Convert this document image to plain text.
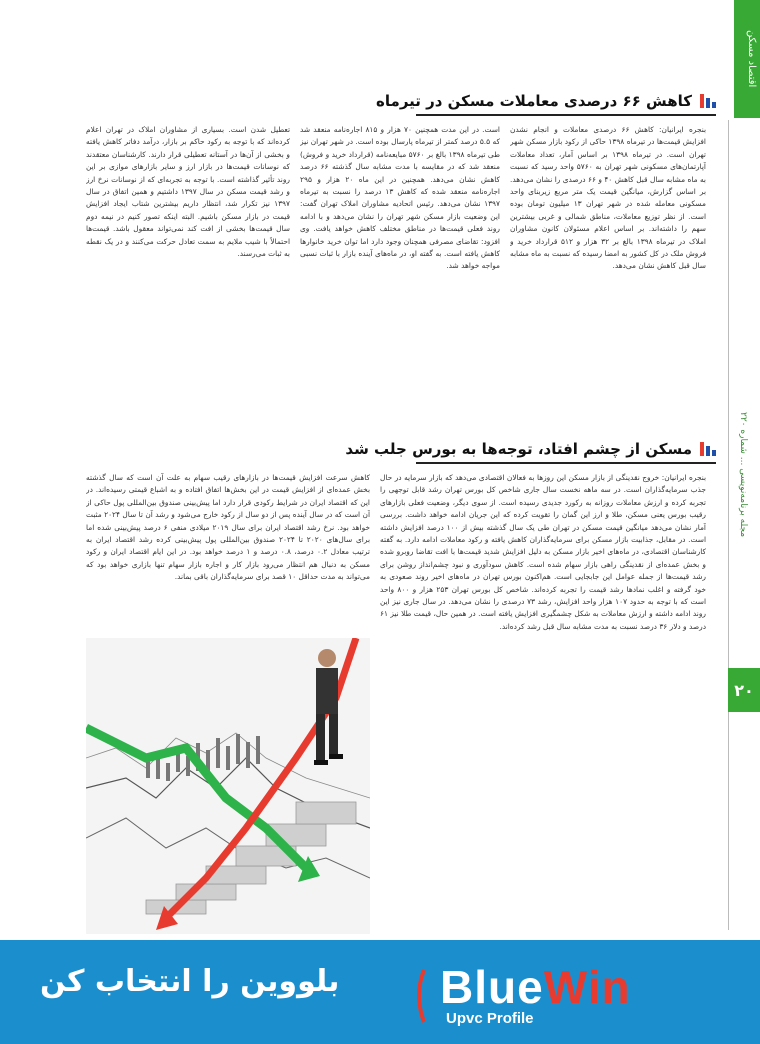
اقتصاد مسکن
مجله برنامه‌نویسی ... شماره ۲۲۰
۲۰
کاهش ۶۶ درصدی معاملات مسکن در تیرماه

بنجره ایرانیان: کاهش ۶۶ درصدی معاملات و انجام نشدن افزایش قیمت‌ها در تیرماه ۱۳۹۸ حاکی از رکود بازار مسکن شهر تهران است. در تیرماه ۱۳۹۸ بر اساس آمار، تعداد معاملات آپارتمان‌های مسکونی شهر تهران به ۵۷۶۰ واحد رسید که نسبت به ماه مشابه سال قبل کاهش ۴۰ و ۶۶ درصدی را نشان می‌دهد. بر اساس گزارش، میانگین قیمت یک متر مربع زیربنای واحد مسکونی معامله شده در شهر تهران ۱۳ میلیون تومان بوده است. از نظر توزیع معاملات، مناطق شمالی و غربی بیشترین سهم را داشته‌اند. بر اساس اعلام مسئولان کانون مشاوران املاک در تیرماه ۱۳۹۸ بالغ بر ۳۲ هزار و ۵۱۲ قرارداد خرید و فروش ملک در کل کشور به امضا رسیده که نسبت به ماه مشابه سال قبل کاهش نشان می‌دهد.

است. در این مدت همچنین ۷۰ هزار و ۸۱۵ اجاره‌نامه منعقد شد که ۵.۵ درصد کمتر از تیرماه پارسال بوده است. در شهر تهران نیز طی تیرماه ۱۳۹۸ بالغ بر ۵۷۶۰ مبایعه‌نامه (قرارداد خرید و فروش) منعقد شد که در مقایسه با مدت مشابه سال گذشته ۶۶ درصد کاهش نشان می‌دهد. همچنین در این ماه ۲۰ هزار و ۲۹۵ اجاره‌نامه منعقد شده که کاهش ۱۳ درصد را نسبت به تیرماه ۱۳۹۷ نشان می‌دهد. رئیس اتحادیه مشاوران املاک تهران گفت: این وضعیت بازار مسکن شهر تهران را نشان می‌دهد و با ادامه روند فعلی قیمت‌ها در مناطق مختلف کاهش خواهد یافت. وی افزود: تقاضای مصرفی همچنان وجود دارد اما توان خرید خانوارها کاهش یافته است. به گفته او، در ماه‌های آینده بازار با ثبات نسبی مواجه خواهد شد.

تعطیل شدن است. بسیاری از مشاوران املاک در تهران اعلام کرده‌اند که با توجه به رکود حاکم بر بازار، درآمد دفاتر کاهش یافته و بخشی از آن‌ها در آستانه تعطیلی قرار دارند. کارشناسان معتقدند که نوسانات قیمت‌ها در بازار ارز و سایر بازارهای موازی بر این روند تأثیر گذاشته است. با توجه به تجربه‌ای که از نوسانات نرخ ارز و رشد قیمت مسکن در سال ۱۳۹۷ داشتیم و همین اتفاق در سال ۱۳۹۷ نیز تکرار شد، انتظار داریم بیشترین شتاب ایجاد افزایش قیمت در بازار مسکن باشیم. البته اینکه تصور کنیم در نیمه دوم سال قیمت‌ها بخشی از افت کند نمی‌تواند معقول باشد. قیمت‌ها احتمالاً با شیب ملایم به سمت تعادل حرکت می‌کنند و در یک نقطه به ثبات می‌رسند.

مسکن از چشم افتاد، توجه‌ها به بورس جلب شد

بنجره ایرانیان: خروج نقدینگی از بازار مسکن این روزها به فعالان اقتصادی می‌دهد که بازار سرمایه در حال جذب سرمایه‌گذاران است. در سه ماهه نخست سال جاری شاخص کل بورس تهران رشد قابل توجهی را تجربه کرده و ارزش معاملات روزانه به رکورد جدیدی رسیده است. از سوی دیگر، وضعیت فعلی بازارهای رقیب بورس یعنی مسکن، طلا و ارز این گمان را تقویت کرده که این جریان ادامه خواهد داشت. بررسی آمار نشان می‌دهد میانگین قیمت مسکن در تهران طی یک سال گذشته بیش از ۱۰۰ درصد افزایش داشته است. در مقابل، جذابیت بازار مسکن برای سرمایه‌گذاران کاهش یافته و رکود معاملات ادامه دارد. به گفته کارشناسان اقتصادی، در ماه‌های اخیر بازار مسکن به دلیل افزایش شدید قیمت‌ها با افت تقاضا روبرو شده و بخش عمده‌ای از نقدینگی راهی بازار سهام شده است. کاهش سودآوری و نبود چشم‌انداز روشن برای رشد قیمت‌ها از جمله عوامل این جابجایی است. هم‌اکنون بورس تهران در ماه‌های اخیر روند صعودی به خود گرفته و اغلب نمادها رشد قیمت را تجربه کرده‌اند. شاخص کل بورس تهران ۲۵۳ هزار و ۸۰۰ واحد است که با توجه به حدود ۱۰۷ هزار واحد افزایش، رشد ۷۳ درصدی را نشان می‌دهد. در سال جاری نیز این روند ادامه داشته و ارزش معاملات به شکل چشمگیری افزایش یافته است. در همین حال، قیمت طلا نیز ۶۱ درصد و دلار ۳۶ درصد نسبت به مدت مشابه سال قبل رشد کرده‌اند.

کاهش سرعت افزایش قیمت‌ها در بازارهای رقیب سهام به علت آن است که سال گذشته بخش عمده‌ای از افزایش قیمت در این بخش‌ها اتفاق افتاده و به اشباع قیمتی رسیده‌اند. در این که اقتصاد ایران در شرایط رکودی قرار دارد اما پیش‌بینی صندوق بین‌المللی پول حاکی از آن است که در سال آینده پس از دو سال از رکود خارج می‌شود و رشد آن تا سال ۲۰۲۴ مثبت خواهد بود. نرخ رشد اقتصاد ایران برای سال ۲۰۱۹ میلادی منفی ۶ درصد پیش‌بینی شده اما برای سال‌های ۲۰۲۰ تا ۲۰۲۴ صندوق بین‌المللی پول پیش‌بینی کرده رشد اقتصاد ایران به ترتیب معادل ۰.۲ درصد، ۰.۸ درصد و ۱ درصد خواهد بود. در این ایام اقتصاد ایران و رکود مسکن به دنبال هم انتظار می‌رود بازار کار و اجاره بازار سهام تنها بازاری خواهد بود که می‌تواند به مدت حداقل ۱۰ قصد برای سرمایه‌گذاران باقی بماند.

بلووین را انتخاب کن BlueWin
Upvc Profile
